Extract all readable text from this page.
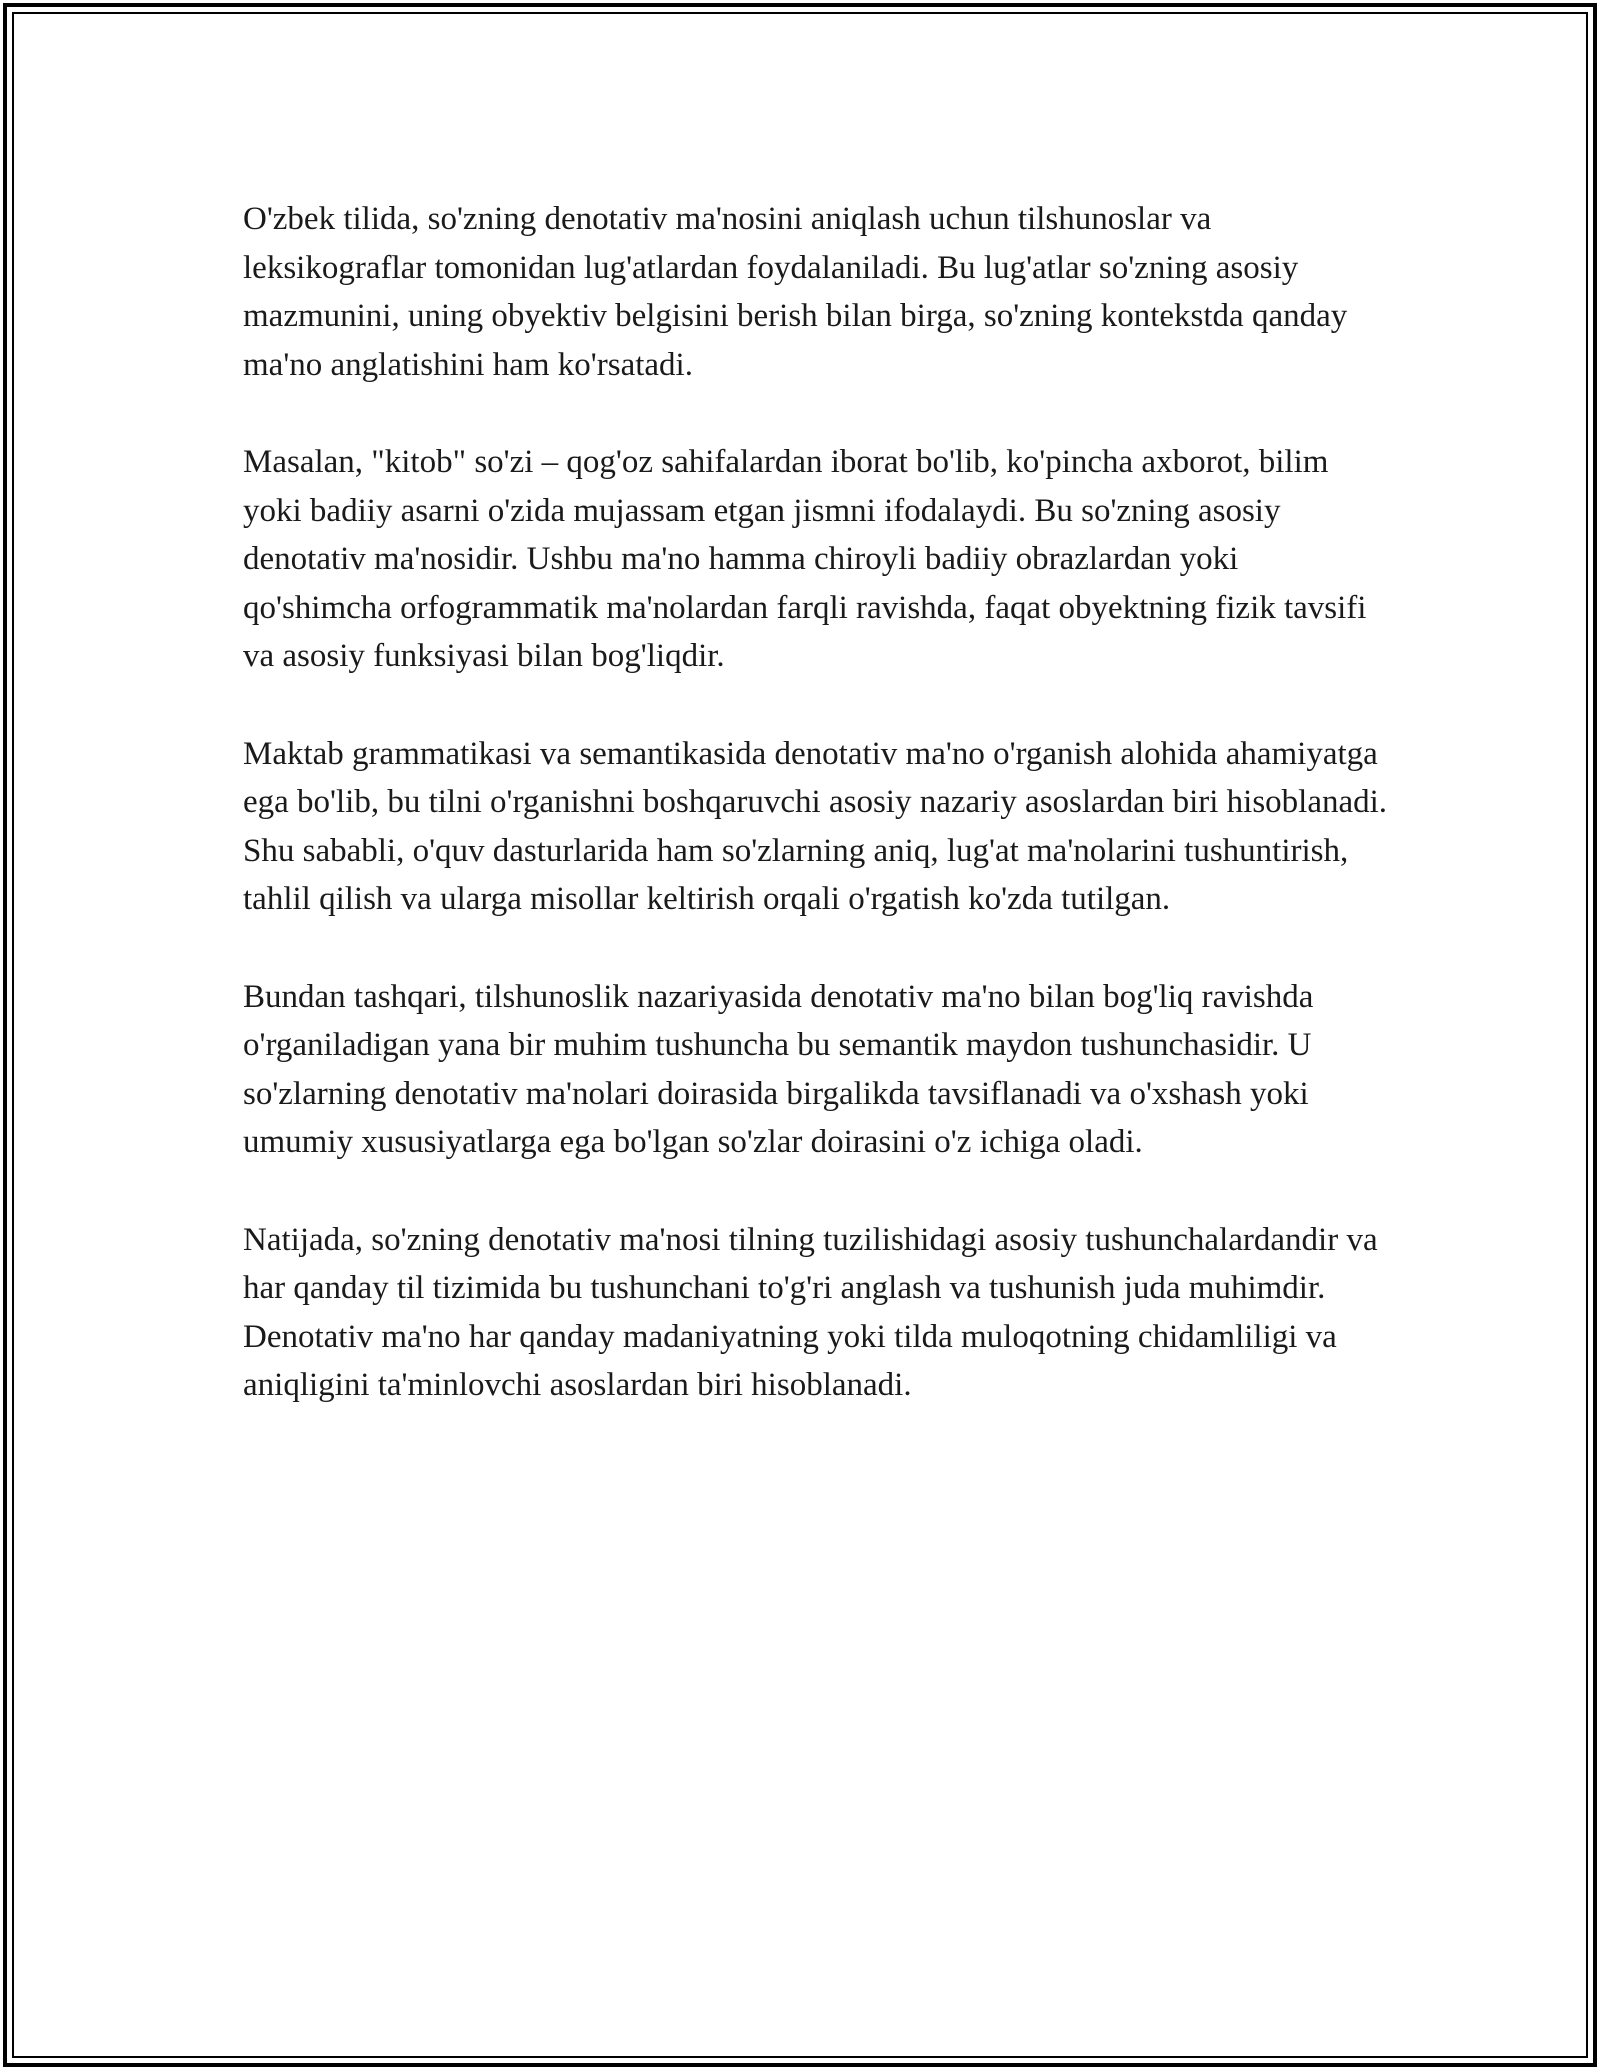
O'zbek tilida, so'zning denotativ ma'nosini aniqlash uchun tilshunoslar va leksikograflar tomonidan lug'atlardan foydalaniladi. Bu lug'atlar so'zning asosiy mazmunini, uning obyektiv belgisini berish bilan birga, so'zning kontekstda qanday ma'no anglatishini ham ko'rsatadi.

Masalan, "kitob" so'zi – qog'oz sahifalardan iborat bo'lib, ko'pincha axborot, bilim yoki badiiy asarni o'zida mujassam etgan jismni ifodalaydi. Bu so'zning asosiy denotativ ma'nosidir. Ushbu ma'no hamma chiroyli badiiy obrazlardan yoki qo'shimcha orfogrammatik ma'nolardan farqli ravishda, faqat obyektning fizik tavsifi va asosiy funksiyasi bilan bog'liqdir.

Maktab grammatikasi va semantikasida denotativ ma'no o'rganish alohida ahamiyatga ega bo'lib, bu tilni o'rganishni boshqaruvchi asosiy nazariy asoslardan biri hisoblanadi. Shu sababli, o'quv dasturlarida ham so'zlarning aniq, lug'at ma'nolarini tushuntirish, tahlil qilish va ularga misollar keltirish orqali o'rgatish ko'zda tutilgan.

Bundan tashqari, tilshunoslik nazariyasida denotativ ma'no bilan bog'liq ravishda o'rganiladigan yana bir muhim tushuncha bu semantik maydon tushunchasidir. U so'zlarning denotativ ma'nolari doirasida birgalikda tavsiflanadi va o'xshash yoki umumiy xususiyatlarga ega bo'lgan so'zlar doirasini o'z ichiga oladi.

Natijada, so'zning denotativ ma'nosi tilning tuzilishidagi asosiy tushunchalardandir va har qanday til tizimida bu tushunchani to'g'ri anglash va tushunish juda muhimdir. Denotativ ma'no har qanday madaniyatning yoki tilda muloqotning chidamliligi va aniqligini ta'minlovchi asoslardan biri hisoblanadi.
